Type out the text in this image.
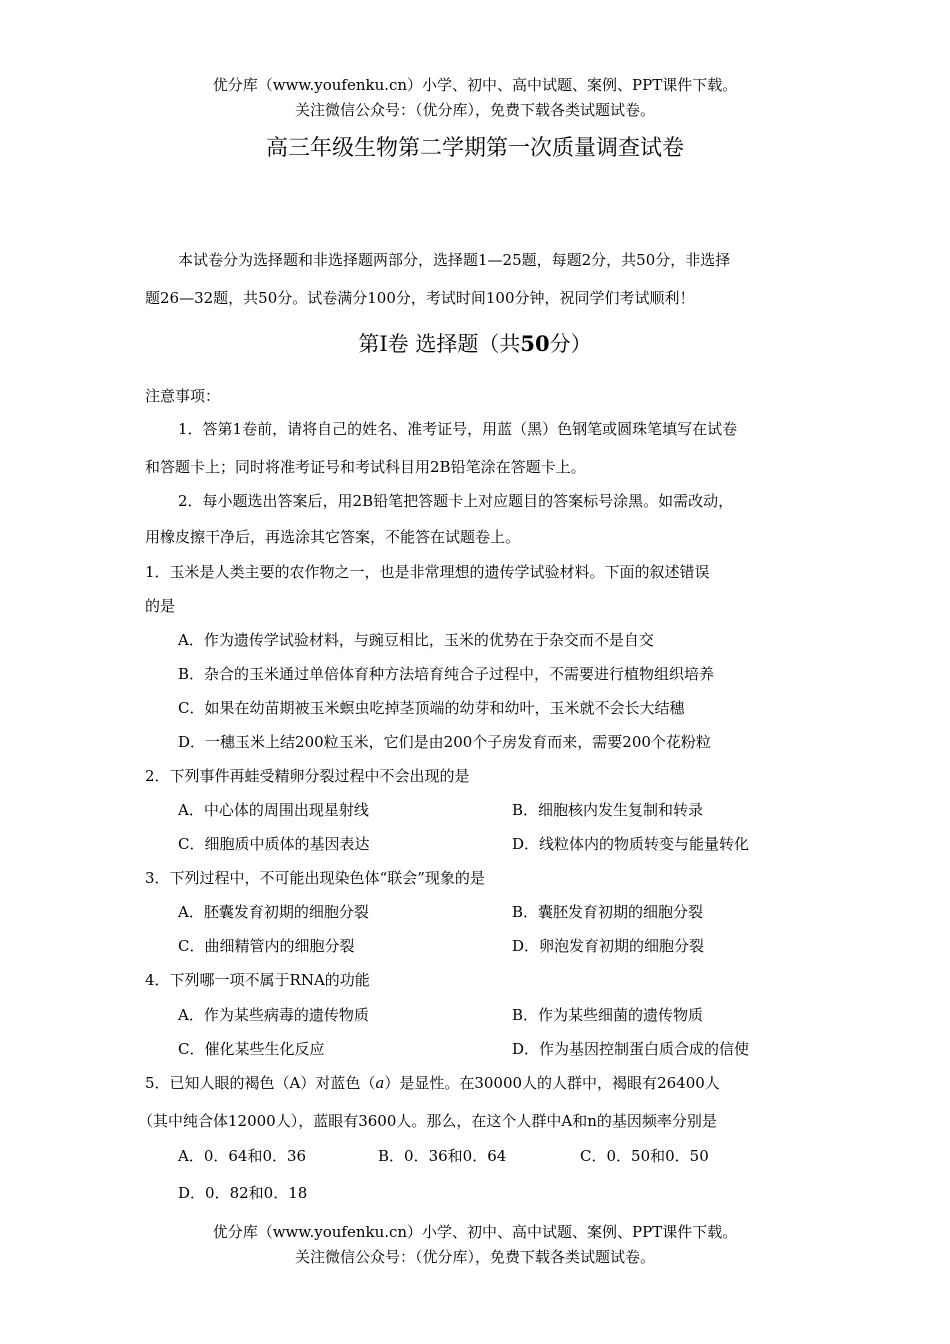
优分库（www.youfenku.cn）小学、初中、高中试题、案例、PPT课件下载。
关注微信公众号：（优分库），免费下载各类试题试卷。
高三年级生物第二学期第一次质量调查试卷
本试卷分为选择题和非选择题两部分，选择题1—25题，每题2分，共50分，非选择
题26—32题，共50分。试卷满分100分，考试时间100分钟，祝同学们考试顺利！
第Ⅰ卷 选择题（共50分）
注意事项：
1．答第1卷前，请将自己的姓名、准考证号，用蓝（黑）色钢笔或圆珠笔填写在试卷
和答题卡上；同时将准考证号和考试科目用2B铅笔涂在答题卡上。
2．每小题选出答案后，用2B铅笔把答题卡上对应题目的答案标号涂黑。如需改动，
用橡皮擦干净后，再选涂其它答案，不能答在试题卷上。
1．玉米是人类主要的农作物之一，也是非常理想的遗传学试验材料。下面的叙述错误
的是
A．作为遗传学试验材料，与豌豆相比，玉米的优势在于杂交而不是自交
B．杂合的玉米通过单倍体育种方法培育纯合子过程中，不需要进行植物组织培养
C．如果在幼苗期被玉米螟虫吃掉茎顶端的幼芽和幼叶，玉米就不会长大结穗
D．一穗玉米上结200粒玉米，它们是由200个子房发育而来，需要200个花粉粒
2．下列事件再蛙受精卵分裂过程中不会出现的是
A．中心体的周围出现星射线	B．细胞核内发生复制和转录
C．细胞质中质体的基因表达	D．线粒体内的物质转变与能量转化
3．下列过程中，不可能出现染色体“联会”现象的是
A．胚囊发育初期的细胞分裂	B．囊胚发育初期的细胞分裂
C．曲细精管内的细胞分裂	D．卵泡发育初期的细胞分裂
4．下列哪一项不属于RNA的功能
A．作为某些病毒的遗传物质	B．作为某些细菌的遗传物质
C．催化某些生化反应	D．作为基因控制蛋白质合成的信使
5．已知人眼的褐色（A）对蓝色（a）是显性。在30000人的人群中，褐眼有26400人
（其中纯合体12000人），蓝眼有3600人。那么，在这个人群中A和n的基因频率分别是
A．0．64和0．36	B．0．36和0．64	C．0．50和0．50
D．0．82和0．18
优分库（www.youfenku.cn）小学、初中、高中试题、案例、PPT课件下载。
关注微信公众号：（优分库），免费下载各类试题试卷。
